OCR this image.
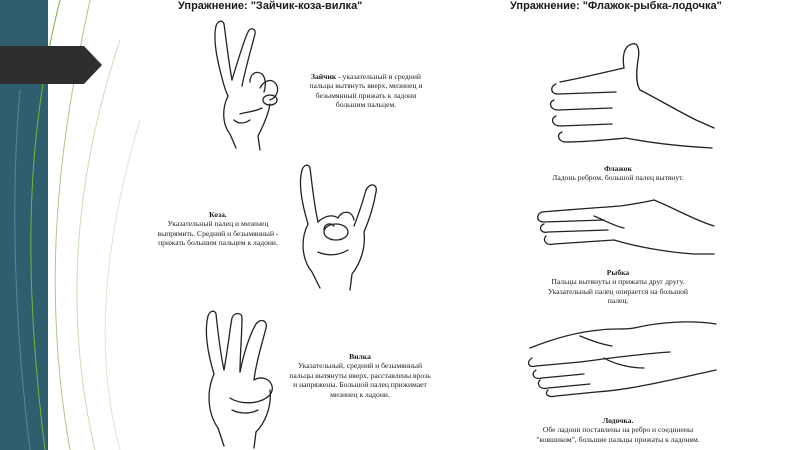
Упражнение: "Зайчик-коза-вилка"
Зайчик - указательный и средний
пальцы вытянуть вверх, мизинец и
безымянный прижать к ладони
большим пальцем.
Коза.
Указательный палец и мизинец
выпрямить. Средний и безымянный -
прижать большим пальцем к ладони.
Вилка
Указательный, средний и безымянный
пальцы вытянуты вверх, расставлены врозь
и напряжены. Большой палец прижимает
мизинец к ладони.
Упражнение: "Флажок-рыбка-лодочка"
Флажок
Ладонь ребром, большой палец вытянут.
Рыбка
Пальцы вытянуты и прижаты друг другу.
Указательный палец опирается на большой
палец.
Лодочка.
Обе ладони поставлены на ребро и соединены
"ковшиком", большие пальцы прижаты к ладоням.
